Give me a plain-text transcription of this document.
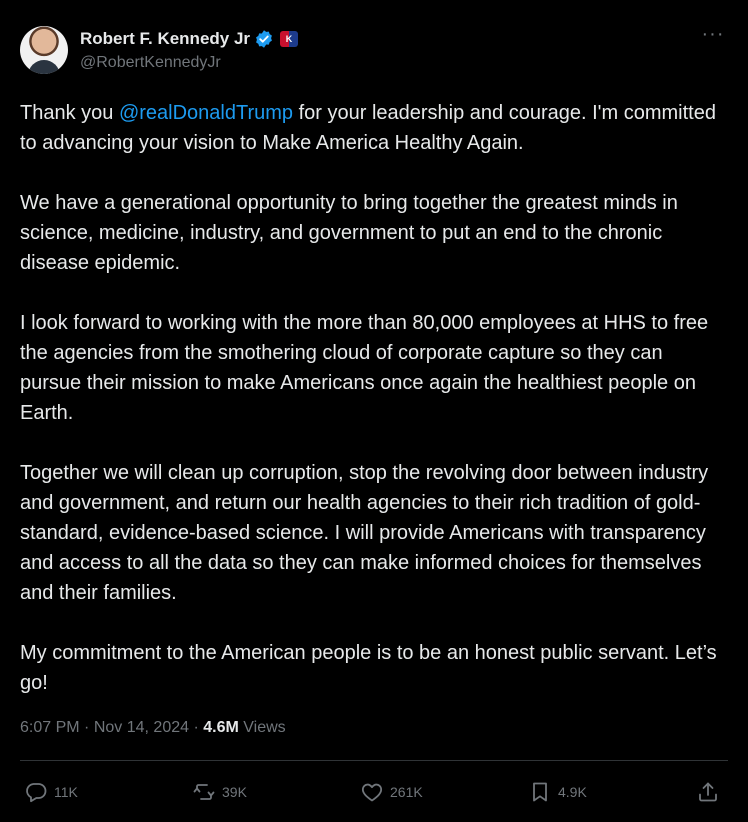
Robert F. Kennedy Jr	K
@RobertKennedyJr
···

Thank you @realDonaldTrump for your leadership and courage. I'm committed to advancing your vision to Make America Healthy Again.

We have a generational opportunity to bring together the greatest minds in science, medicine, industry, and government to put an end to the chronic disease epidemic.

I look forward to working with the more than 80,000 employees at HHS to free the agencies from the smothering cloud of corporate capture so they can pursue their mission to make Americans once again the healthiest people on Earth.

Together we will clean up corruption, stop the revolving door between industry and government, and return our health agencies to their rich tradition of gold-standard, evidence-based science. I will provide Americans with transparency and access to all the data so they can make informed choices for themselves and their families.

My commitment to the American people is to be an honest public servant. Let’s go!

6:07 PM · Nov 14, 2024 · 4.6M Views
11K	39K	261K	4.9K
